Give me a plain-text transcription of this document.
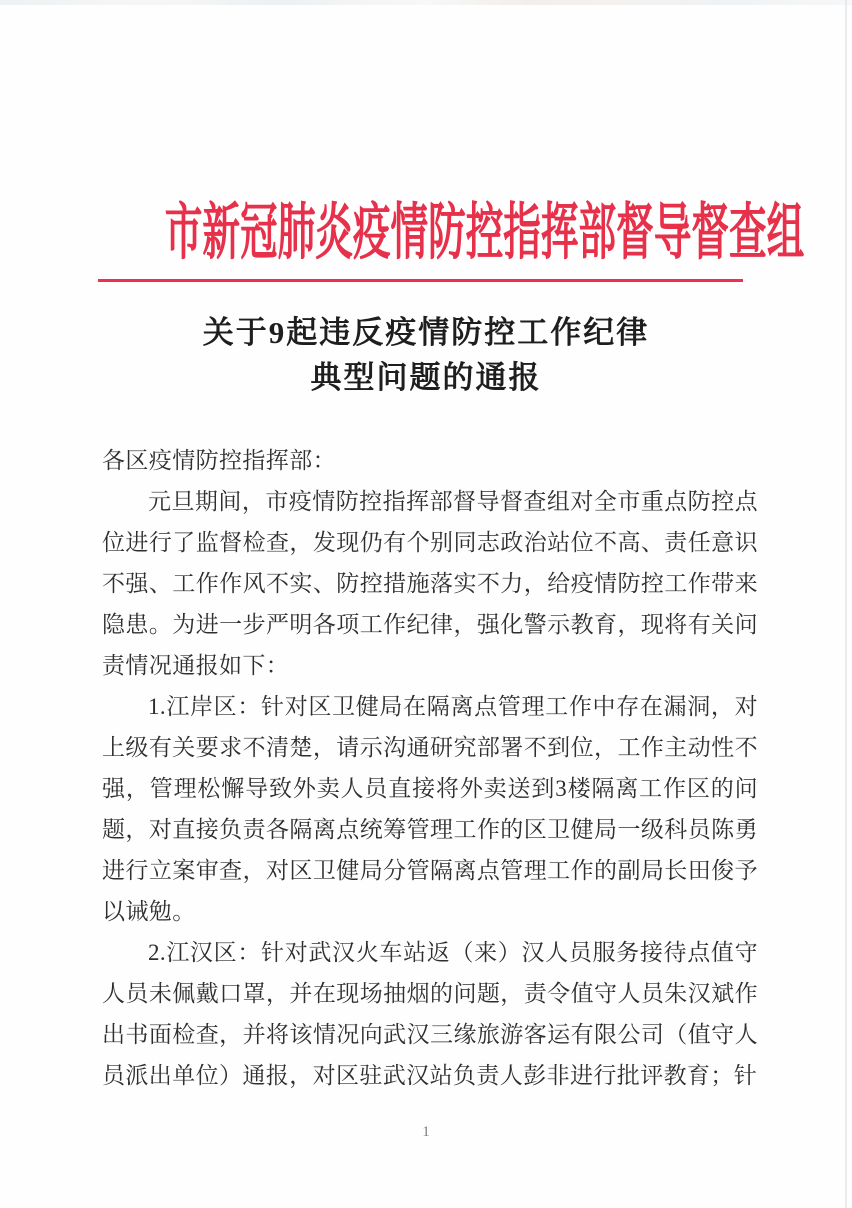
市新冠肺炎疫情防控指挥部督导督查组
关于9起违反疫情防控工作纪律
典型问题的通报

各区疫情防控指挥部：

元旦期间，市疫情防控指挥部督导督查组对全市重点防控点位进行了监督检查，发现仍有个别同志政治站位不高、责任意识不强、工作作风不实、防控措施落实不力，给疫情防控工作带来隐患。为进一步严明各项工作纪律，强化警示教育，现将有关问责情况通报如下：

1.江岸区：针对区卫健局在隔离点管理工作中存在漏洞，对上级有关要求不清楚，请示沟通研究部署不到位，工作主动性不强，管理松懈导致外卖人员直接将外卖送到3楼隔离工作区的问题，对直接负责各隔离点统筹管理工作的区卫健局一级科员陈勇进行立案审查，对区卫健局分管隔离点管理工作的副局长田俊予以诫勉。

2.江汉区：针对武汉火车站返（来）汉人员服务接待点值守人员未佩戴口罩，并在现场抽烟的问题，责令值守人员朱汉斌作出书面检查，并将该情况向武汉三缘旅游客运有限公司（值守人员派出单位）通报，对区驻武汉站负责人彭非进行批评教育；针

1
